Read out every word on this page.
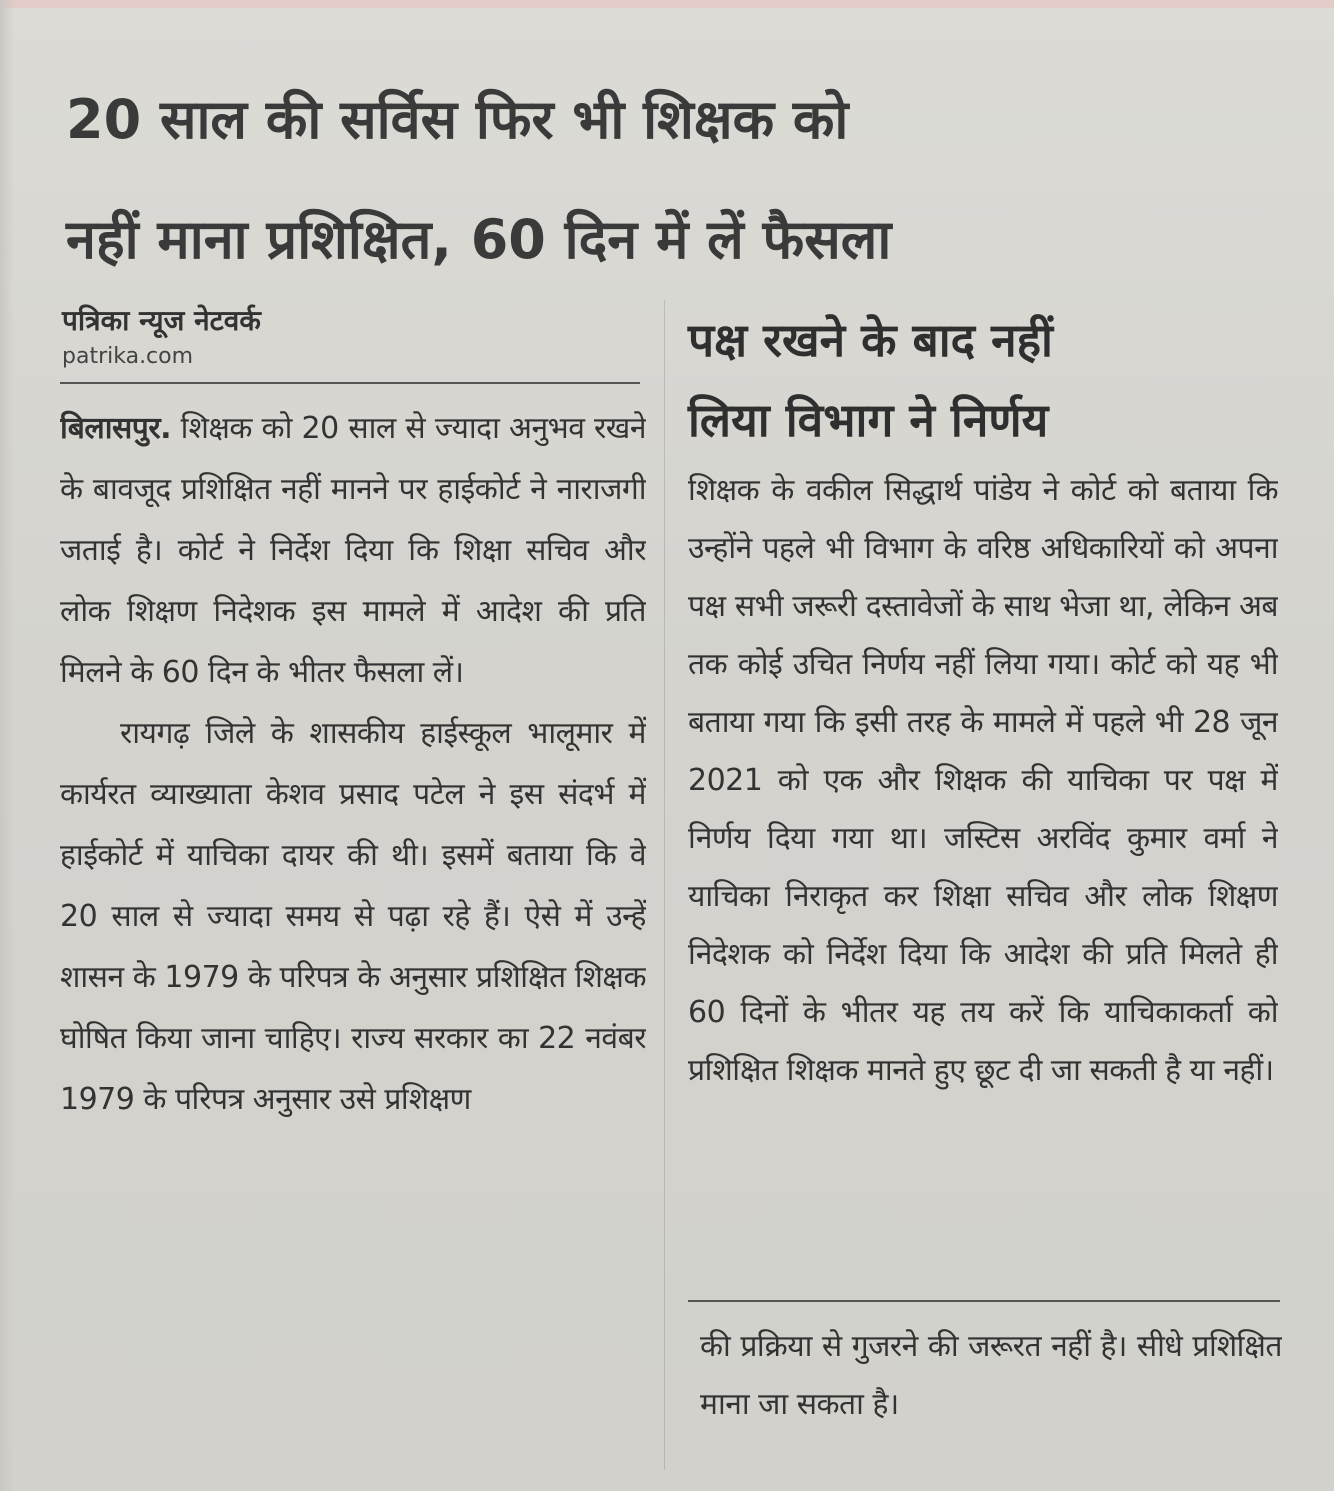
20 साल की सर्विस फिर भी शिक्षक को
नहीं माना प्रशिक्षित, 60 दिन में लें फैसला
पत्रिका न्यूज नेटवर्क
patrika.com

बिलासपुर. शिक्षक को 20 साल से ज्यादा अनुभव रखने के बावजूद प्रशिक्षित नहीं मानने पर हाईकोर्ट ने नाराजगी जताई है। कोर्ट ने निर्देश दिया कि शिक्षा सचिव और लोक शिक्षण निदेशक इस मामले में आदेश की प्रति मिलने के 60 दिन के भीतर फैसला लें।

रायगढ़ जिले के शासकीय हाईस्कूल भालूमार में कार्यरत व्याख्याता केशव प्रसाद पटेल ने इस संदर्भ में हाईकोर्ट में याचिका दायर की थी। इसमें बताया कि वे 20 साल से ज्यादा समय से पढ़ा रहे हैं। ऐसे में उन्हें शासन के 1979 के परिपत्र के अनुसार प्रशिक्षित शिक्षक घोषित किया जाना चाहिए। राज्य सरकार का 22 नवंबर 1979 के परिपत्र अनुसार उसे प्रशिक्षण

पक्ष रखने के बाद नहीं
लिया विभाग ने निर्णय

शिक्षक के वकील सिद्धार्थ पांडेय ने कोर्ट को बताया कि उन्होंने पहले भी विभाग के वरिष्ठ अधिकारियों को अपना पक्ष सभी जरूरी दस्तावेजों के साथ भेजा था, लेकिन अब तक कोई उचित निर्णय नहीं लिया गया। कोर्ट को यह भी बताया गया कि इसी तरह के मामले में पहले भी 28 जून 2021 को एक और शिक्षक की याचिका पर पक्ष में निर्णय दिया गया था। जस्टिस अरविंद कुमार वर्मा ने याचिका निराकृत कर शिक्षा सचिव और लोक शिक्षण निदेशक को निर्देश दिया कि आदेश की प्रति मिलते ही 60 दिनों के भीतर यह तय करें कि याचिकाकर्ता को प्रशिक्षित शिक्षक मानते हुए छूट दी जा सकती है या नहीं।

की प्रक्रिया से गुजरने की जरूरत नहीं है। सीधे प्रशिक्षित माना जा सकता है।
